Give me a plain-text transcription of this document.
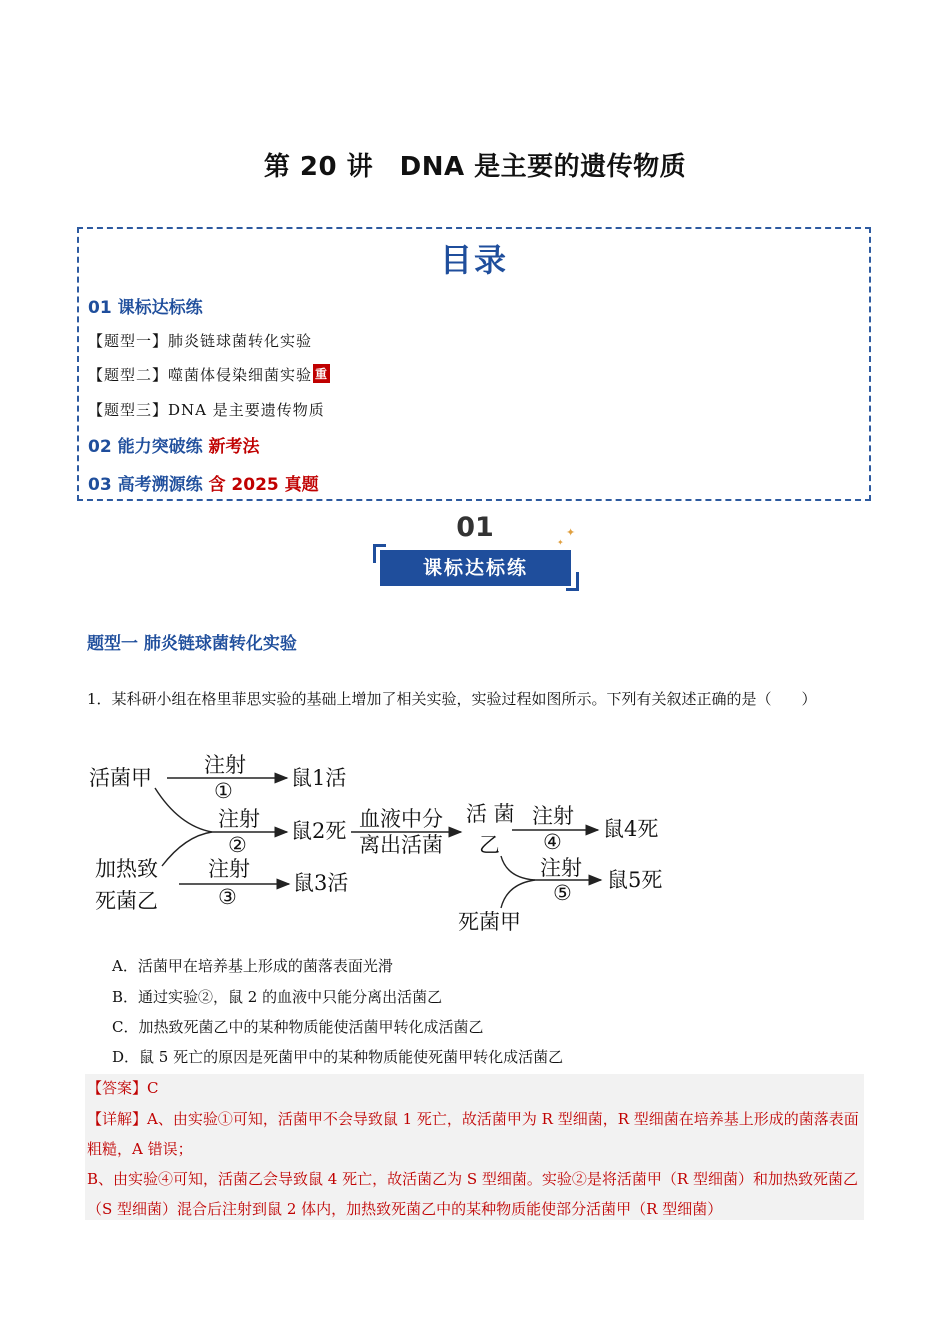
第 20 讲　DNA 是主要的遗传物质
目录
01 课标达标练
【题型一】肺炎链球菌转化实验
【题型二】噬菌体侵染细菌实验 重
【题型三】DNA 是主要遗传物质
02 能力突破练 新考法
03 高考溯源练 含 2025 真题
01
课标达标练
✦
✦
题型一 肺炎链球菌转化实验
1．某科研小组在格里菲思实验的基础上增加了相关实验，实验过程如图所示。下列有关叙述正确的是（　　）
活菌甲
注射
①
鼠1活
注射
②
鼠2死 血液中分
离出活菌
活 菌
乙
注射
④
鼠4死
注射
⑤
鼠5死
死菌甲
加热致
死菌乙
注射
③
鼠3活
A．活菌甲在培养基上形成的菌落表面光滑
B．通过实验②，鼠 2 的血液中只能分离出活菌乙
C．加热致死菌乙中的某种物质能使活菌甲转化成活菌乙
D．鼠 5 死亡的原因是死菌甲中的某种物质能使死菌甲转化成活菌乙
【答案】C
【详解】A、由实验①可知，活菌甲不会导致鼠 1 死亡，故活菌甲为 R 型细菌，R 型细菌在培养基上形成的菌落表面粗糙，A 错误；
B、由实验④可知，活菌乙会导致鼠 4 死亡，故活菌乙为 S 型细菌。实验②是将活菌甲（R 型细菌）和加热致死菌乙（S 型细菌）混合后注射到鼠 2 体内，加热致死菌乙中的某种物质能使部分活菌甲（R 型细菌）
